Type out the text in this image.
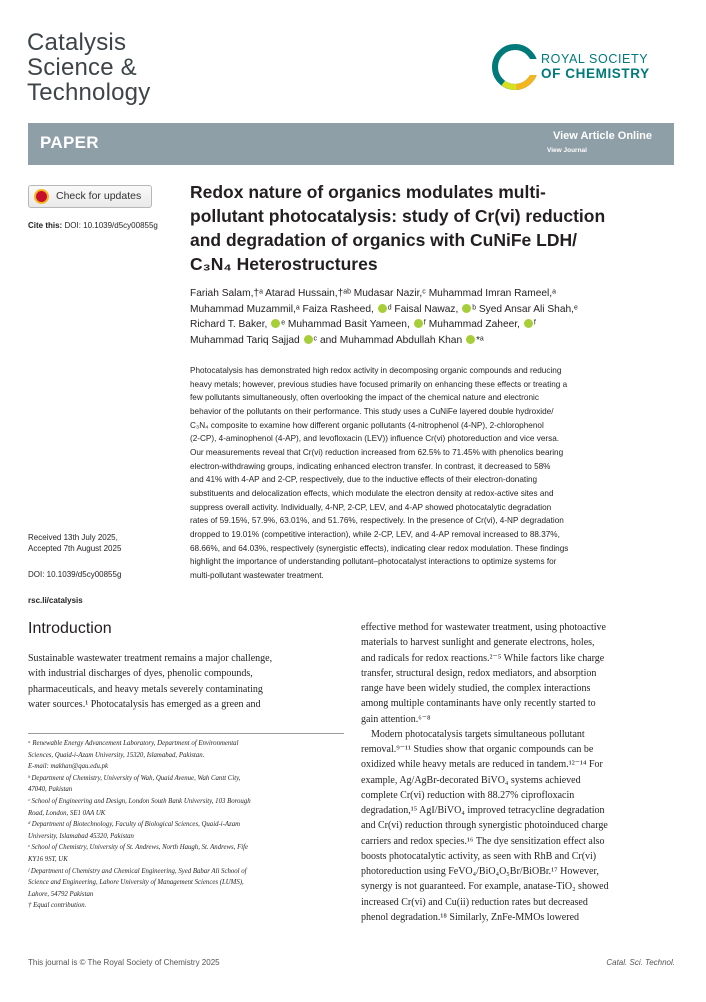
Catalysis
Science &
Technology
ROYAL SOCIETY
OF CHEMISTRY
PAPER	View Article Online
View Journal
Check for updates
Cite this: DOI: 10.1039/d5cy00855g
Redox nature of organics modulates multi-
pollutant photocatalysis: study of Cr(vi) reduction
and degradation of organics with CuNiFe LDH/
C₃N₄ Heterostructures
Fariah Salam,†ᵃ Atarad Hussain,†ᵃᵇ Mudasar Nazir,ᶜ Muhammad Imran Rameel,ᵃ
Muhammad Muzammil,ᵃ Faiza Rasheed, ᵈ Faisal Nawaz, ᵇ Syed Ansar Ali Shah,ᵉ
Richard T. Baker, ᵉ Muhammad Basit Yameen, ᶠ Muhammad Zaheer, ᶠ
Muhammad Tariq Sajjad ᶜ and Muhammad Abdullah Khan *ᵃ
Photocatalysis has demonstrated high redox activity in decomposing organic compounds and reducing
heavy metals; however, previous studies have focused primarily on enhancing these effects or treating a
few pollutants simultaneously, often overlooking the impact of the chemical nature and electronic
behavior of the pollutants on their performance. This study uses a CuNiFe layered double hydroxide/
C₃N₄ composite to examine how different organic pollutants (4-nitrophenol (4-NP), 2-chlorophenol
(2-CP), 4-aminophenol (4-AP), and levofloxacin (LEV)) influence Cr(vi) photoreduction and vice versa.
Our measurements reveal that Cr(vi) reduction increased from 62.5% to 71.45% with phenolics bearing
electron-withdrawing groups, indicating enhanced electron transfer. In contrast, it decreased to 58%
and 41% with 4-AP and 2-CP, respectively, due to the inductive effects of their electron-donating
substituents and delocalization effects, which modulate the electron density at redox-active sites and
suppress overall activity. Individually, 4-NP, 2-CP, LEV, and 4-AP showed photocatalytic degradation
rates of 59.15%, 57.9%, 63.01%, and 51.76%, respectively. In the presence of Cr(vi), 4-NP degradation
dropped to 19.01% (competitive interaction), while 2-CP, LEV, and 4-AP removal increased to 88.37%,
68.66%, and 64.03%, respectively (synergistic effects), indicating clear redox modulation. These findings
highlight the importance of understanding pollutant–photocatalyst interactions to optimize systems for
multi-pollutant wastewater treatment.
Received 13th July 2025,
Accepted 7th August 2025
DOI: 10.1039/d5cy00855g
rsc.li/catalysis
Introduction
Sustainable wastewater treatment remains a major challenge,
with industrial discharges of dyes, phenolic compounds,
pharmaceuticals, and heavy metals severely contaminating
water sources.¹ Photocatalysis has emerged as a green and
effective method for wastewater treatment, using photoactive
materials to harvest sunlight and generate electrons, holes,
and radicals for redox reactions.²⁻⁵ While factors like charge
transfer, structural design, redox mediators, and absorption
range have been widely studied, the complex interactions
among multiple contaminants have only recently started to
gain attention.⁶⁻⁸
Modern photocatalysis targets simultaneous pollutant
removal.⁹⁻¹¹ Studies show that organic compounds can be
oxidized while heavy metals are reduced in tandem.¹²⁻¹⁴ For
example, Ag/AgBr-decorated BiVO₄ systems achieved
complete Cr(vi) reduction with 88.27% ciprofloxacin
degradation,¹⁵ AgI/BiVO₄ improved tetracycline degradation
and Cr(vi) reduction through synergistic photoinduced charge
carriers and redox species.¹⁶ The dye sensitization effect also
boosts photocatalytic activity, as seen with RhB and Cr(vi)
photoreduction using FeVO₄/BiO₄O₅Br/BiOBr.¹⁷ However,
synergy is not guaranteed. For example, anatase-TiO₂ showed
increased Cr(vi) and Cu(ii) reduction rates but decreased
phenol degradation.¹⁸ Similarly, ZnFe-MMOs lowered
ᵃ Renewable Energy Advancement Laboratory, Department of Environmental
Sciences, Quaid-i-Azam University, 15320, Islamabad, Pakistan.
E-mail: makhan@qau.edu.pk
ᵇ Department of Chemistry, University of Wah, Quaid Avenue, Wah Cantt City,
47040, Pakistan
ᶜ School of Engineering and Design, London South Bank University, 103 Borough
Road, London, SE1 0AA UK
ᵈ Department of Biotechnology, Faculty of Biological Sciences, Quaid-i-Azam
University, Islamabad 45320, Pakistan
ᵉ School of Chemistry, University of St. Andrews, North Haugh, St. Andrews, Fife
KY16 9ST, UK
ᶠ Department of Chemistry and Chemical Engineering, Syed Babar Ali School of
Science and Engineering, Lahore University of Management Sciences (LUMS),
Lahore, 54792 Pakistan
† Equal contribution.
This journal is © The Royal Society of Chemistry 2025	Catal. Sci. Technol.
